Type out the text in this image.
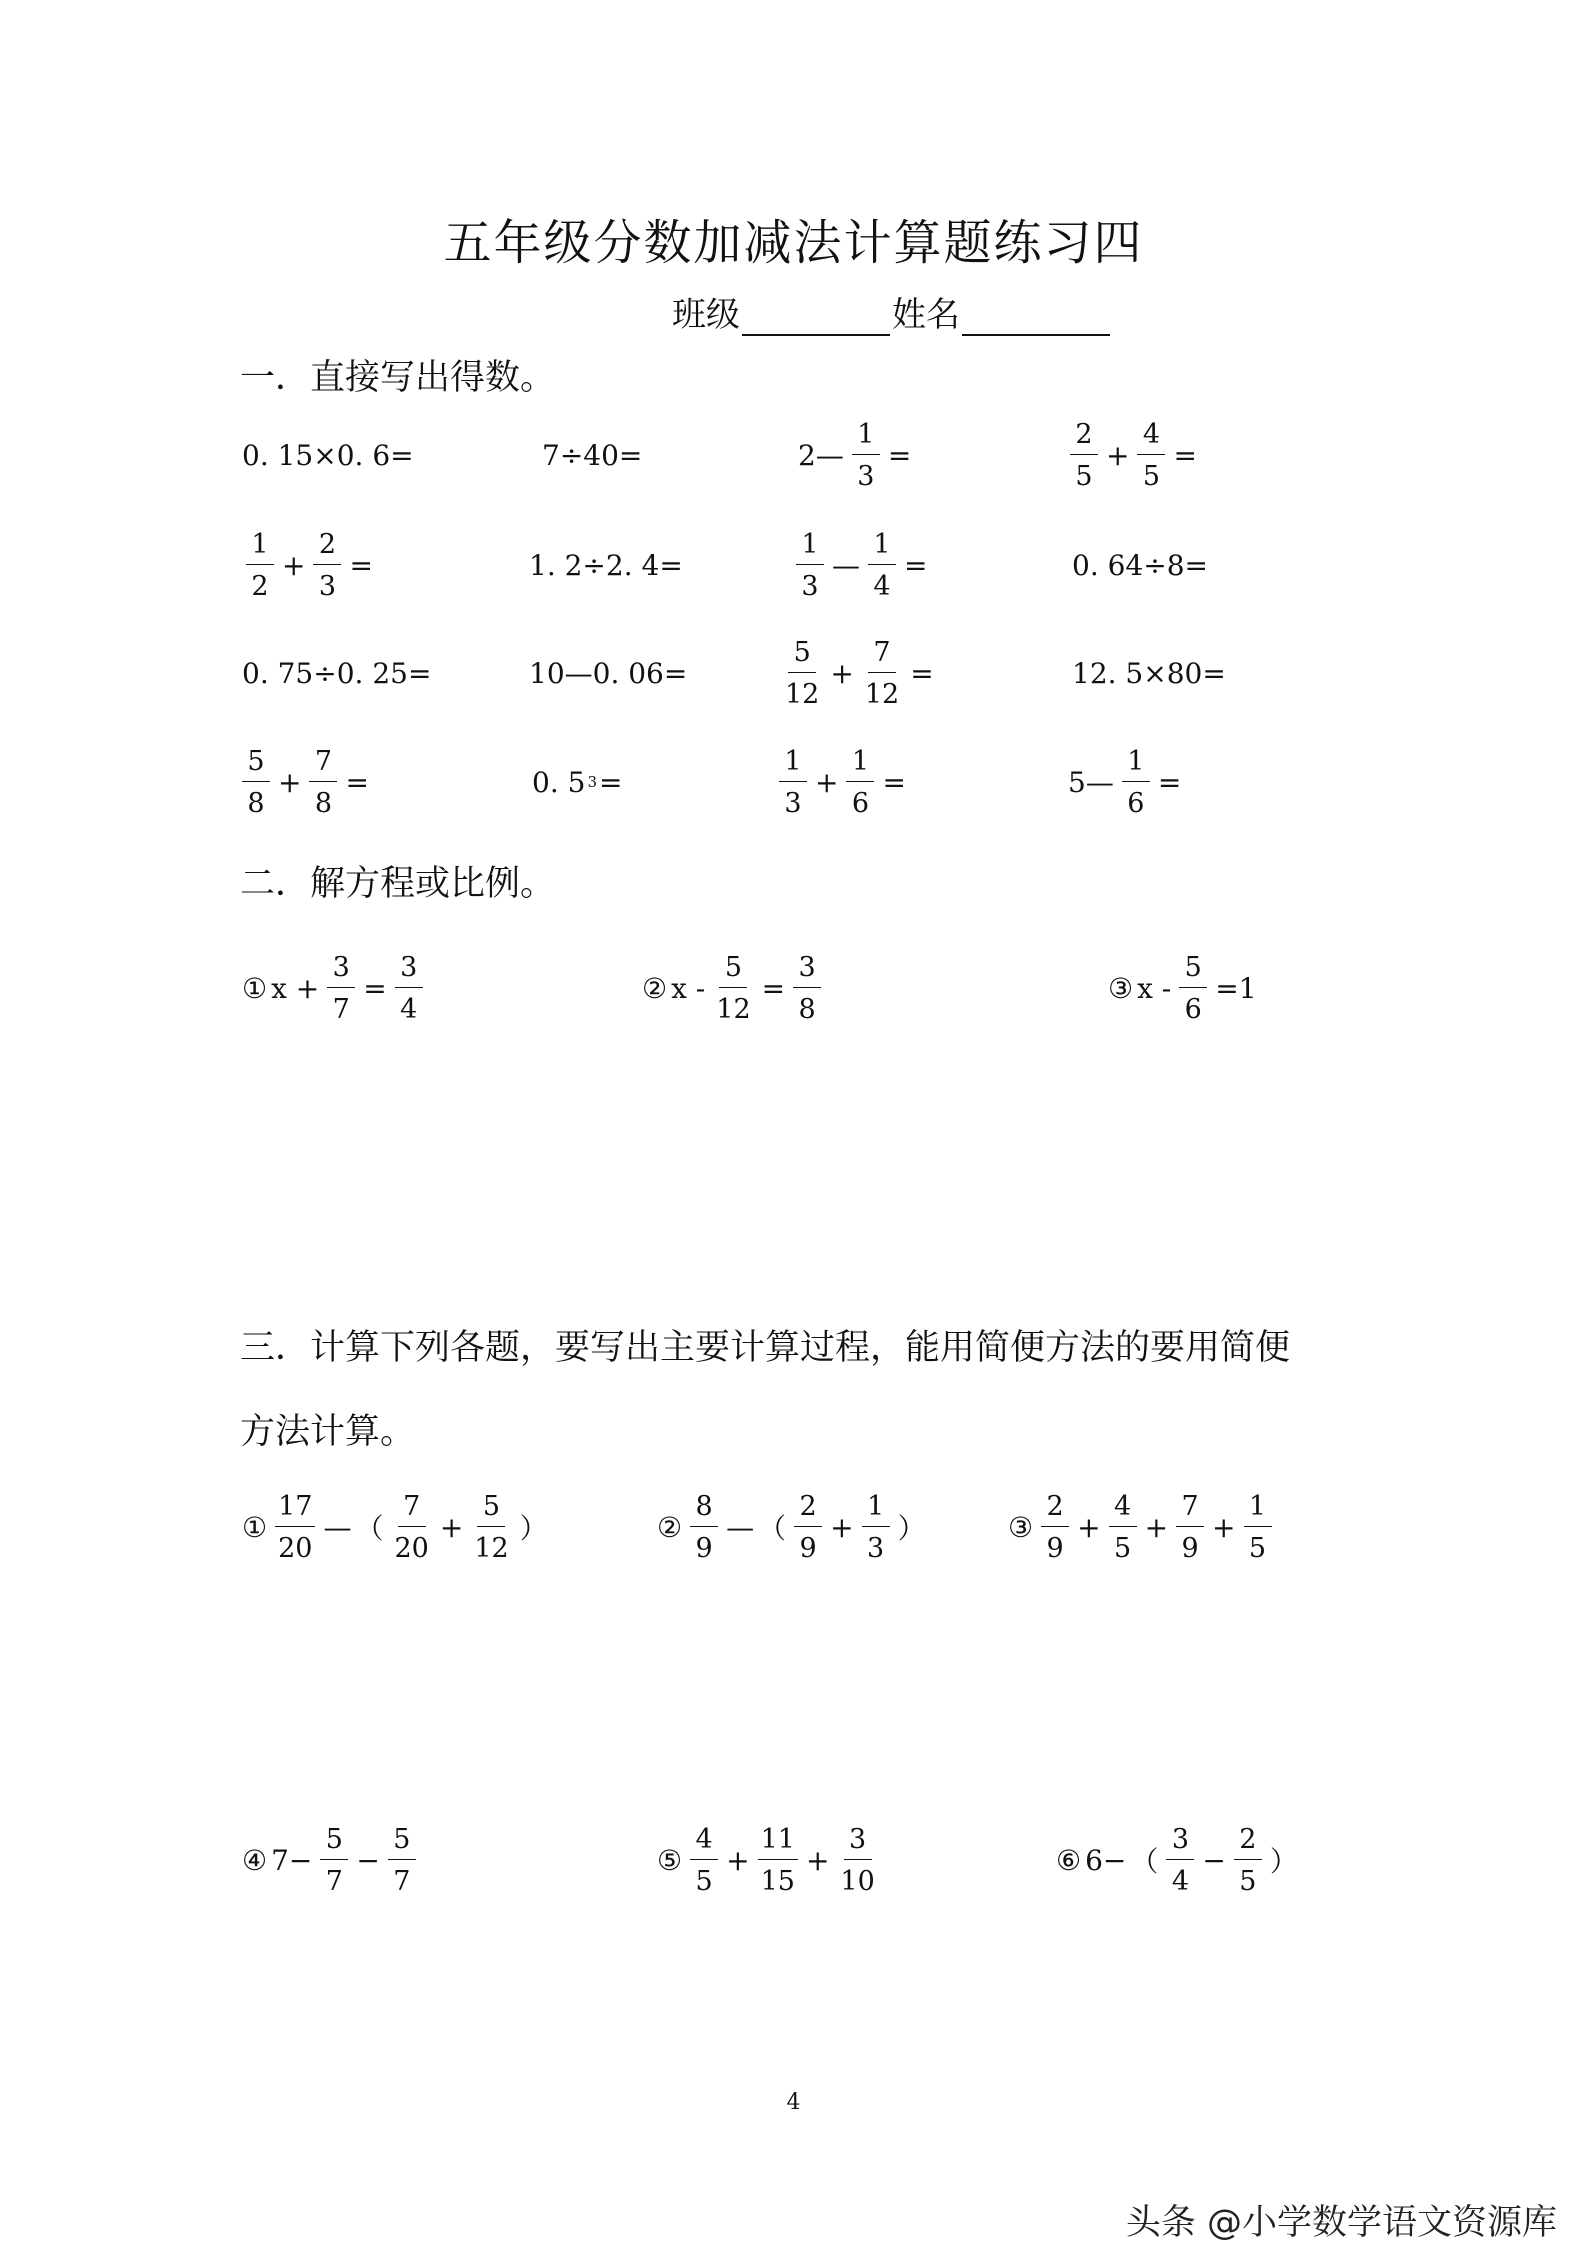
五年级分数加减法计算题练习四
班级	姓名
一．直接写出得数。
0. 15×0. 6=	7÷40=	2— $\frac{1}{3}$ =	$\frac{2}{5} + \frac{4}{5}$ =
$\frac{1}{2} + \frac{2}{3}$ =	1. 2÷2. 4=	$\frac{1}{3}$ — $\frac{1}{4}$ =	0. 64÷8=
0. 75÷0. 25=	10—0. 06=	$\frac{5}{12} + \frac{7}{12}$ =	12. 5×80=
$\frac{5}{8} + \frac{7}{8}$ =	0. 5 3 =	$\frac{1}{3} + \frac{1}{6}$ =	5— $\frac{1}{6}$ =
二．解方程或比例。
① $x + \frac{3}{7} = \frac{3}{4}$	② $x - \frac{5}{12} = \frac{3}{8}$	③ $x - \frac{5}{6} =1$
三．计算下列各题，要写出主要计算过程，能用简便方法的要用简便
方法计算。
① $\frac{17}{20}$ — （ $\frac{7}{20} + \frac{5}{12}$ ）	② $\frac{8}{9}$ — （ $\frac{2}{9} + \frac{1}{3}$ ）	③ $\frac{2}{9} + \frac{4}{5} + \frac{7}{9} + \frac{1}{5}$
④ $7- \frac{5}{7} - \frac{5}{7}$	⑤ $\frac{4}{5} + \frac{11}{15} + \frac{3}{10}$	⑥ 6− （ $\frac{3}{4} - \frac{2}{5}$ ）
4
头条 @小学数学语文资源库
